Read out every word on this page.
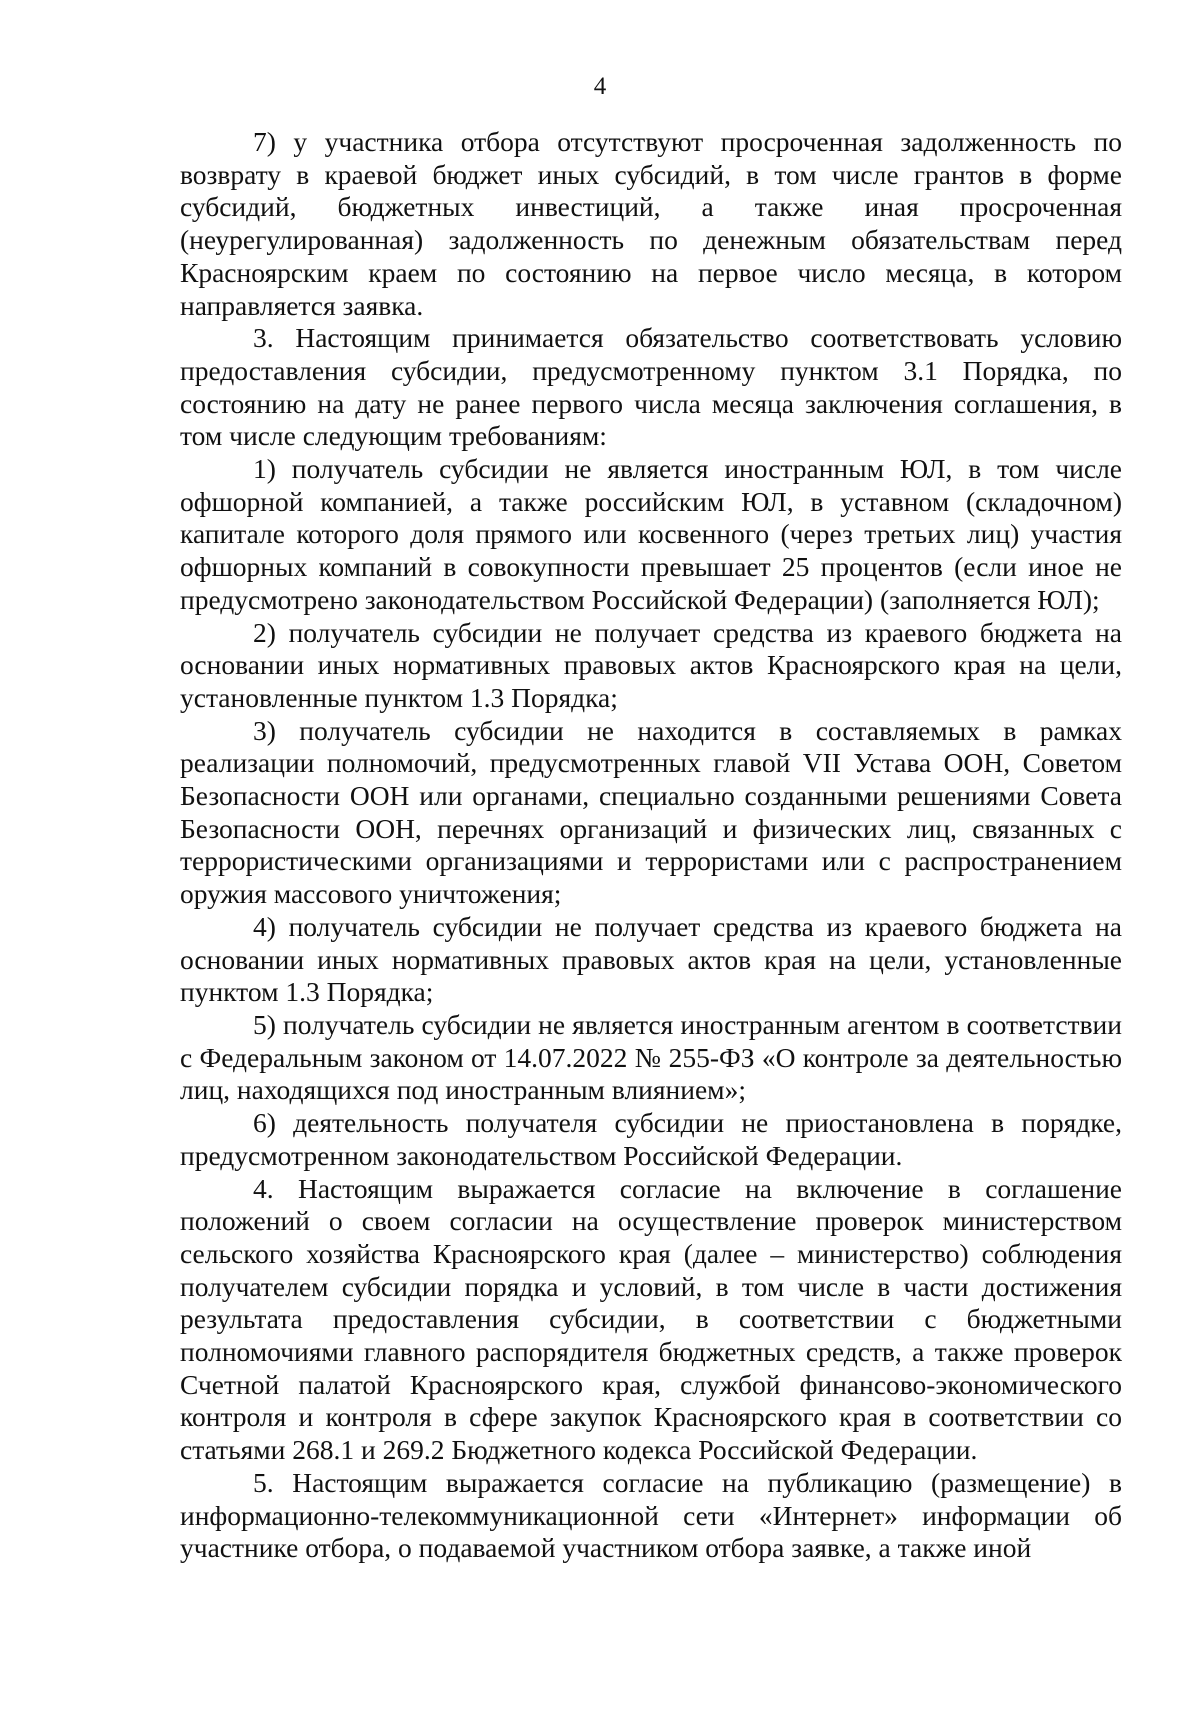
4

7) у участника отбора отсутствуют просроченная задолженность по возврату в краевой бюджет иных субсидий, в том числе грантов в форме субсидий, бюджетных инвестиций, а также иная просроченная (неурегулированная) задолженность по денежным обязательствам перед Красноярским краем по состоянию на первое число месяца, в котором направляется заявка.

3. Настоящим принимается обязательство соответствовать условию предоставления субсидии, предусмотренному пунктом 3.1 Порядка, по состоянию на дату не ранее первого числа месяца заключения соглашения, в том числе следующим требованиям:

1) получатель субсидии не является иностранным ЮЛ, в том числе офшорной компанией, а также российским ЮЛ, в уставном (складочном) капитале которого доля прямого или косвенного (через третьих лиц) участия офшорных компаний в совокупности превышает 25 процентов (если иное не предусмотрено законодательством Российской Федерации) (заполняется ЮЛ);

2) получатель субсидии не получает средства из краевого бюджета на основании иных нормативных правовых актов Красноярского края на цели, установленные пунктом 1.3 Порядка;

3) получатель субсидии не находится в составляемых в рамках реализации полномочий, предусмотренных главой VII Устава ООН, Советом Безопасности ООН или органами, специально созданными решениями Совета Безопасности ООН, перечнях организаций и физических лиц, связанных с террористическими организациями и террористами или с распространением оружия массового уничтожения;

4) получатель субсидии не получает средства из краевого бюджета на основании иных нормативных правовых актов края на цели, установленные пунктом 1.3 Порядка;

5) получатель субсидии не является иностранным агентом в соответствии с Федеральным законом от 14.07.2022 № 255-ФЗ «О контроле за деятельностью лиц, находящихся под иностранным влиянием»;

6) деятельность получателя субсидии не приостановлена в порядке, предусмотренном законодательством Российской Федерации.

4. Настоящим выражается согласие на включение в соглашение положений о своем согласии на осуществление проверок министерством сельского хозяйства Красноярского края (далее – министерство) соблюдения получателем субсидии порядка и условий, в том числе в части достижения результата предоставления субсидии, в соответствии с бюджетными полномочиями главного распорядителя бюджетных средств, а также проверок Счетной палатой Красноярского края, службой финансово-экономического контроля и контроля в сфере закупок Красноярского края в соответствии со статьями 268.1 и 269.2 Бюджетного кодекса Российской Федерации.

5. Настоящим выражается согласие на публикацию (размещение) в информационно-телекоммуникационной сети «Интернет» информации об участнике отбора, о подаваемой участником отбора заявке, а также иной
